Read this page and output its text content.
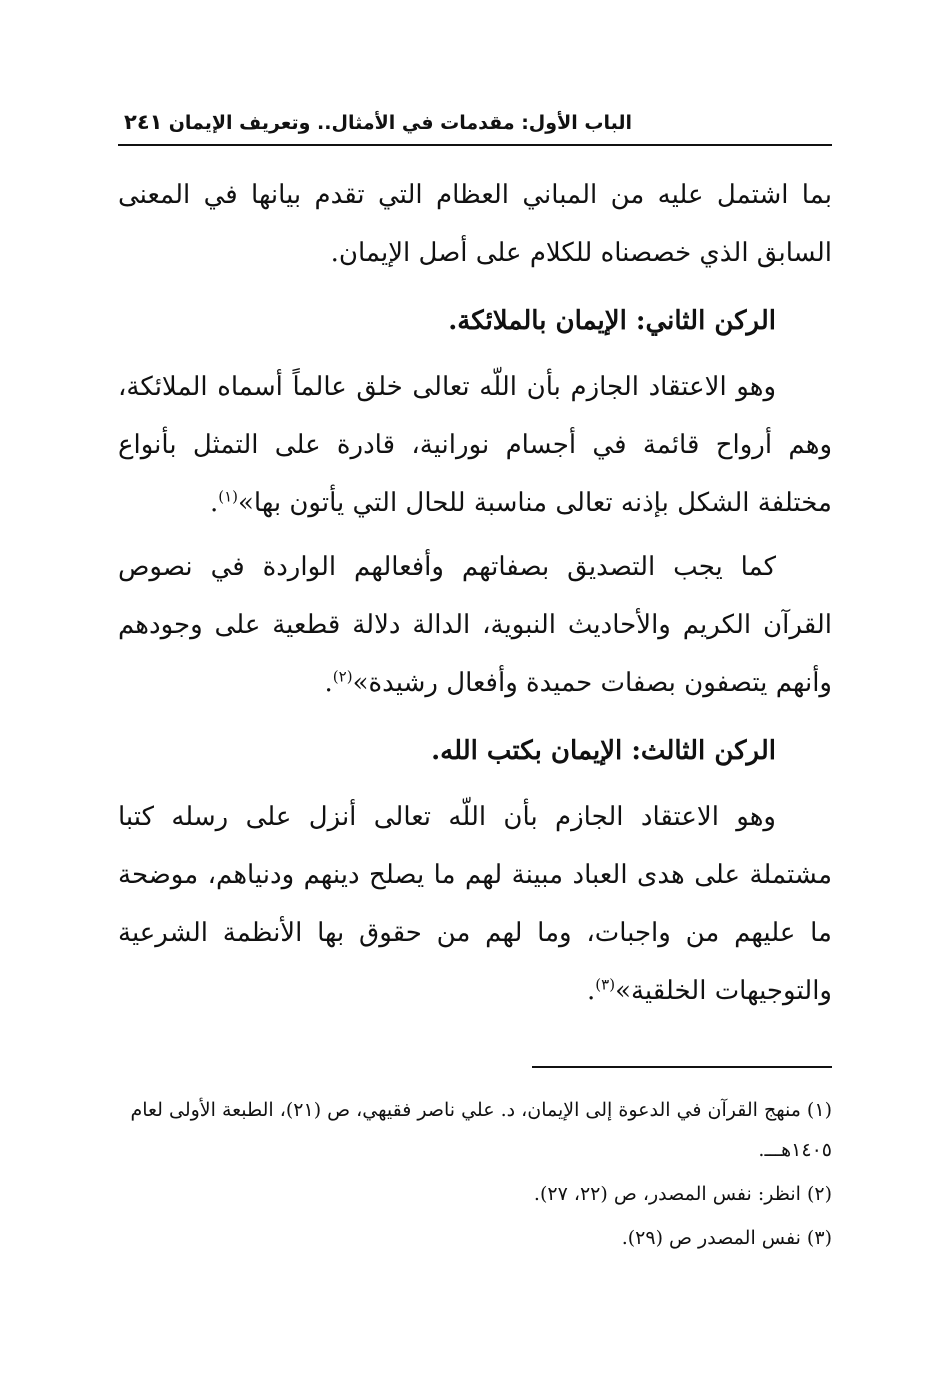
الباب الأول: مقدمات في الأمثال.. وتعريف الإيمان
٢٤١

بما اشتمل عليه من المباني العظام التي تقدم بيانها في المعنى السابق الذي خصصناه للكلام على أصل الإيمان.

الركن الثاني: الإيمان بالملائكة.

وهو الاعتقاد الجازم بأن اللّه تعالى خلق عالماً أسماه الملائكة، وهم أرواح قائمة في أجسام نورانية، قادرة على التمثل بأنواع مختلفة الشكل بإذنه تعالى مناسبة للحال التي يأتون بها»$^{(١)}$.

كما يجب التصديق بصفاتهم وأفعالهم الواردة في نصوص القرآن الكريم والأحاديث النبوية، الدالة دلالة قطعية على وجودهم وأنهم يتصفون بصفات حميدة وأفعال رشيدة»$^{(٢)}$.

الركن الثالث: الإيمان بكتب الله.

وهو الاعتقاد الجازم بأن اللّه تعالى أنزل على رسله كتبا مشتملة على هدى العباد مبينة لهم ما يصلح دينهم ودنياهم، موضحة ما عليهم من واجبات، وما لهم من حقوق بها الأنظمة الشرعية والتوجيهات الخلقية»$^{(٣)}$.

(١) منهج القرآن في الدعوة إلى الإيمان، د. علي ناصر فقيهي، ص (٢١)، الطبعة الأولى لعام ١٤٠٥هـــ.

(٢) انظر: نفس المصدر، ص (٢٢، ٢٧).

(٣) نفس المصدر ص (٢٩).
